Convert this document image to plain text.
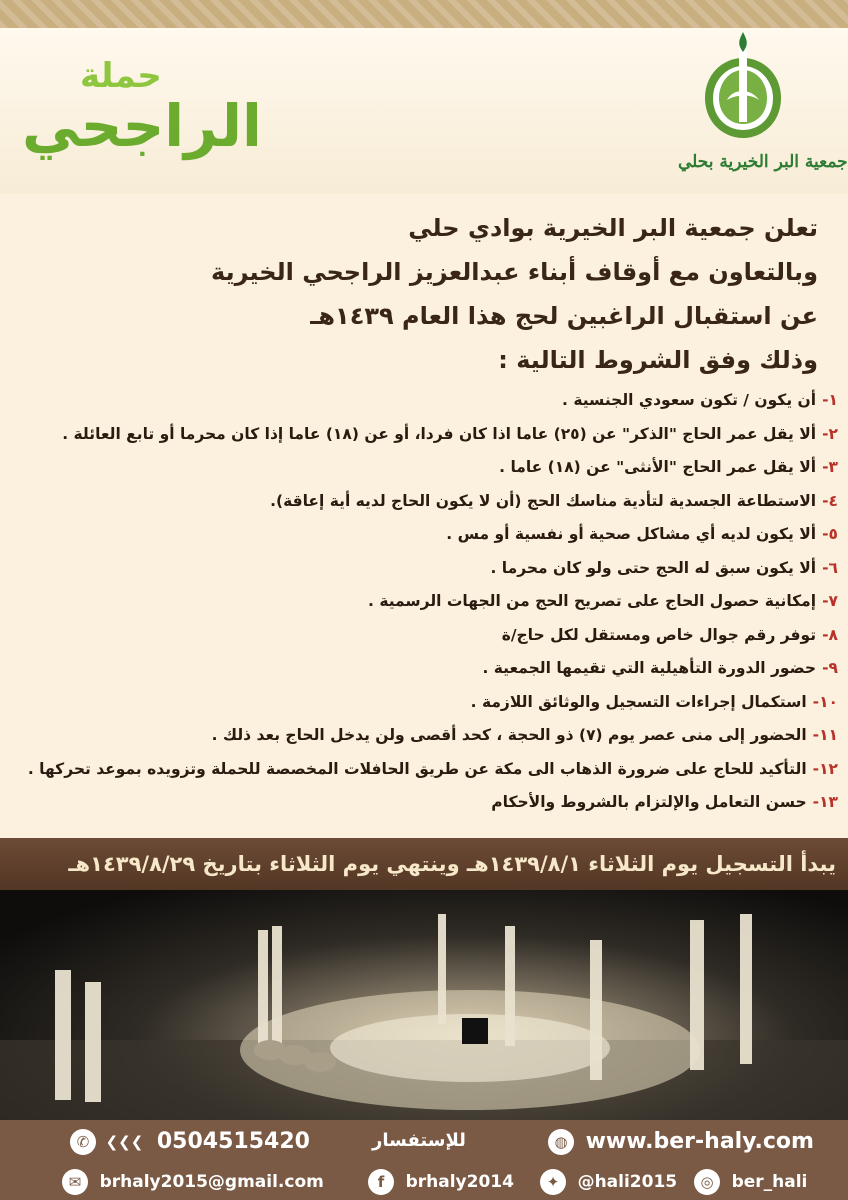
حملة
الراجحي
جمعية البر الخيرية بحلي

تعلن جمعية البر الخيرية بوادي حلي

وبالتعاون مع أوقاف أبناء عبدالعزيز الراجحي الخيرية

عن استقبال الراغبين لحج هذا العام ١٤٣٩هـ

وذلك وفق الشروط التالية :

١-أن يكون / تكون سعودي الجنسية .
٢-ألا يقل عمر الحاج "الذكر" عن (٢٥) عاما اذا كان فردا، أو عن (١٨) عاما إذا كان محرما أو تابع العائلة .
٣-ألا يقل عمر الحاج "الأنثى" عن (١٨) عاما .
٤-الاستطاعة الجسدية لتأدية مناسك الحج (أن لا يكون الحاج لديه أية إعاقة).
٥-ألا يكون لديه أي مشاكل صحية أو نفسية أو مس .
٦-ألا يكون سبق له الحج حتى ولو كان محرما .
٧-إمكانية حصول الحاج على تصريح الحج من الجهات الرسمية .
٨-توفر رقم جوال خاص ومستقل لكل حاج/ة
٩-حضور الدورة التأهيلية التي تقيمها الجمعية .
١٠-استكمال إجراءات التسجيل والوثائق اللازمة .
١١-الحضور إلى منى عصر يوم (٧) ذو الحجة ، كحد أقصى ولن يدخل الحاج بعد ذلك .
١٢-التأكيد للحاج على ضرورة الذهاب الى مكة عن طريق الحافلات المخصصة للحملة وتزويده بموعد تحركها .
١٣-حسن التعامل والإلتزام بالشروط والأحكام
يبدأ التسجيل يوم الثلاثاء ١٤٣٩/٨/١هـ وينتهي يوم الثلاثاء بتاريخ ١٤٣٩/٨/٢٩هـ
✆ ❮❮❮ 0504515420	للإستفسار	◍ www.ber-haly.com
✉ brhaly2015@gmail.com	f brhaly2014	✦ @hali2015	◎ ber_hali
